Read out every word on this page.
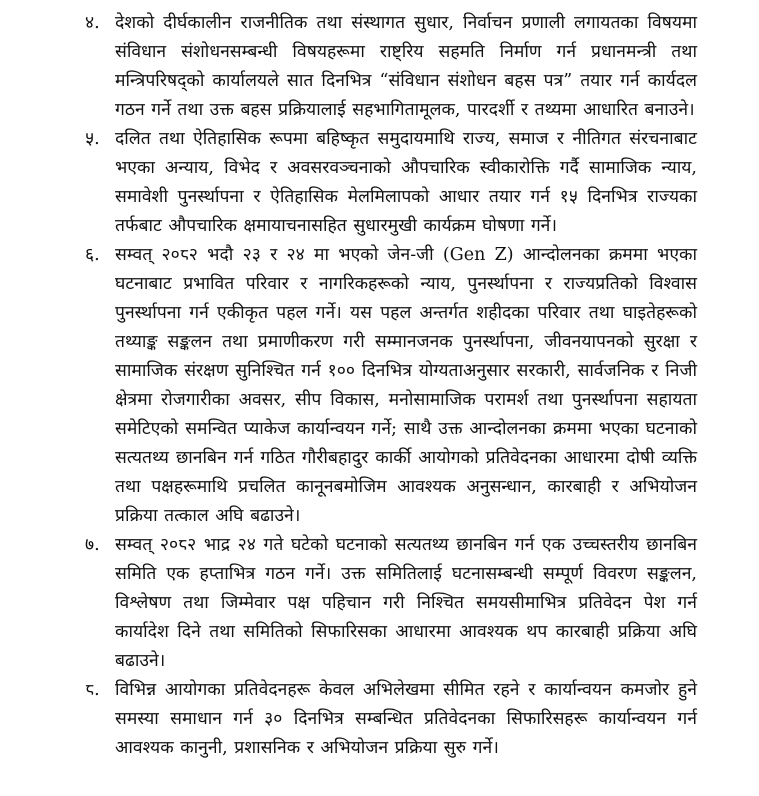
४. देशको दीर्घकालीन राजनीतिक तथा संस्थागत सुधार, निर्वाचन प्रणाली लगायतका विषयमा संविधान संशोधनसम्बन्धी विषयहरूमा राष्ट्रिय सहमति निर्माण गर्न प्रधानमन्त्री तथा मन्त्रिपरिषद्को कार्यालयले सात दिनभित्र “संविधान संशोधन बहस पत्र” तयार गर्न कार्यदल गठन गर्ने तथा उक्त बहस प्रक्रियालाई सहभागितामूलक, पारदर्शी र तथ्यमा आधारित बनाउने।
५. दलित तथा ऐतिहासिक रूपमा बहिष्कृत समुदायमाथि राज्य, समाज र नीतिगत संरचनाबाट भएका अन्याय, विभेद र अवसरवञ्चनाको औपचारिक स्वीकारोक्ति गर्दै सामाजिक न्याय, समावेशी पुनर्स्थापना र ऐतिहासिक मेलमिलापको आधार तयार गर्न १५ दिनभित्र राज्यका तर्फबाट औपचारिक क्षमायाचनासहित सुधारमुखी कार्यक्रम घोषणा गर्ने।
६. सम्वत् २०८२ भदौ २३ र २४ मा भएको जेन-जी (Gen Z) आन्दोलनका क्रममा भएका घटनाबाट प्रभावित परिवार र नागरिकहरूको न्याय, पुनर्स्थापना र राज्यप्रतिको विश्वास पुनर्स्थापना गर्न एकीकृत पहल गर्ने। यस पहल अन्तर्गत शहीदका परिवार तथा घाइतेहरूको तथ्याङ्क सङ्कलन तथा प्रमाणीकरण गरी सम्मानजनक पुनर्स्थापना, जीवनयापनको सुरक्षा र सामाजिक संरक्षण सुनिश्चित गर्न १०० दिनभित्र योग्यताअनुसार सरकारी, सार्वजनिक र निजी क्षेत्रमा रोजगारीका अवसर, सीप विकास, मनोसामाजिक परामर्श तथा पुनर्स्थापना सहायता समेटिएको समन्वित प्याकेज कार्यान्वयन गर्ने; साथै उक्त आन्दोलनका क्रममा भएका घटनाको सत्यतथ्य छानबिन गर्न गठित गौरीबहादुर कार्की आयोगको प्रतिवेदनका आधारमा दोषी व्यक्ति तथा पक्षहरूमाथि प्रचलित कानूनबमोजिम आवश्यक अनुसन्धान, कारबाही र अभियोजन प्रक्रिया तत्काल अघि बढाउने।
७. सम्वत् २०८२ भाद्र २४ गते घटेको घटनाको सत्यतथ्य छानबिन गर्न एक उच्चस्तरीय छानबिन समिति एक हप्ताभित्र गठन गर्ने। उक्त समितिलाई घटनासम्बन्धी सम्पूर्ण विवरण सङ्कलन, विश्लेषण तथा जिम्मेवार पक्ष पहिचान गरी निश्चित समयसीमाभित्र प्रतिवेदन पेश गर्न कार्यादेश दिने तथा समितिको सिफारिसका आधारमा आवश्यक थप कारबाही प्रक्रिया अघि बढाउने।
८. विभिन्न आयोगका प्रतिवेदनहरू केवल अभिलेखमा सीमित रहने र कार्यान्वयन कमजोर हुने समस्या समाधान गर्न ३० दिनभित्र सम्बन्धित प्रतिवेदनका सिफारिसहरू कार्यान्वयन गर्न आवश्यक कानुनी, प्रशासनिक र अभियोजन प्रक्रिया सुरु गर्ने।
